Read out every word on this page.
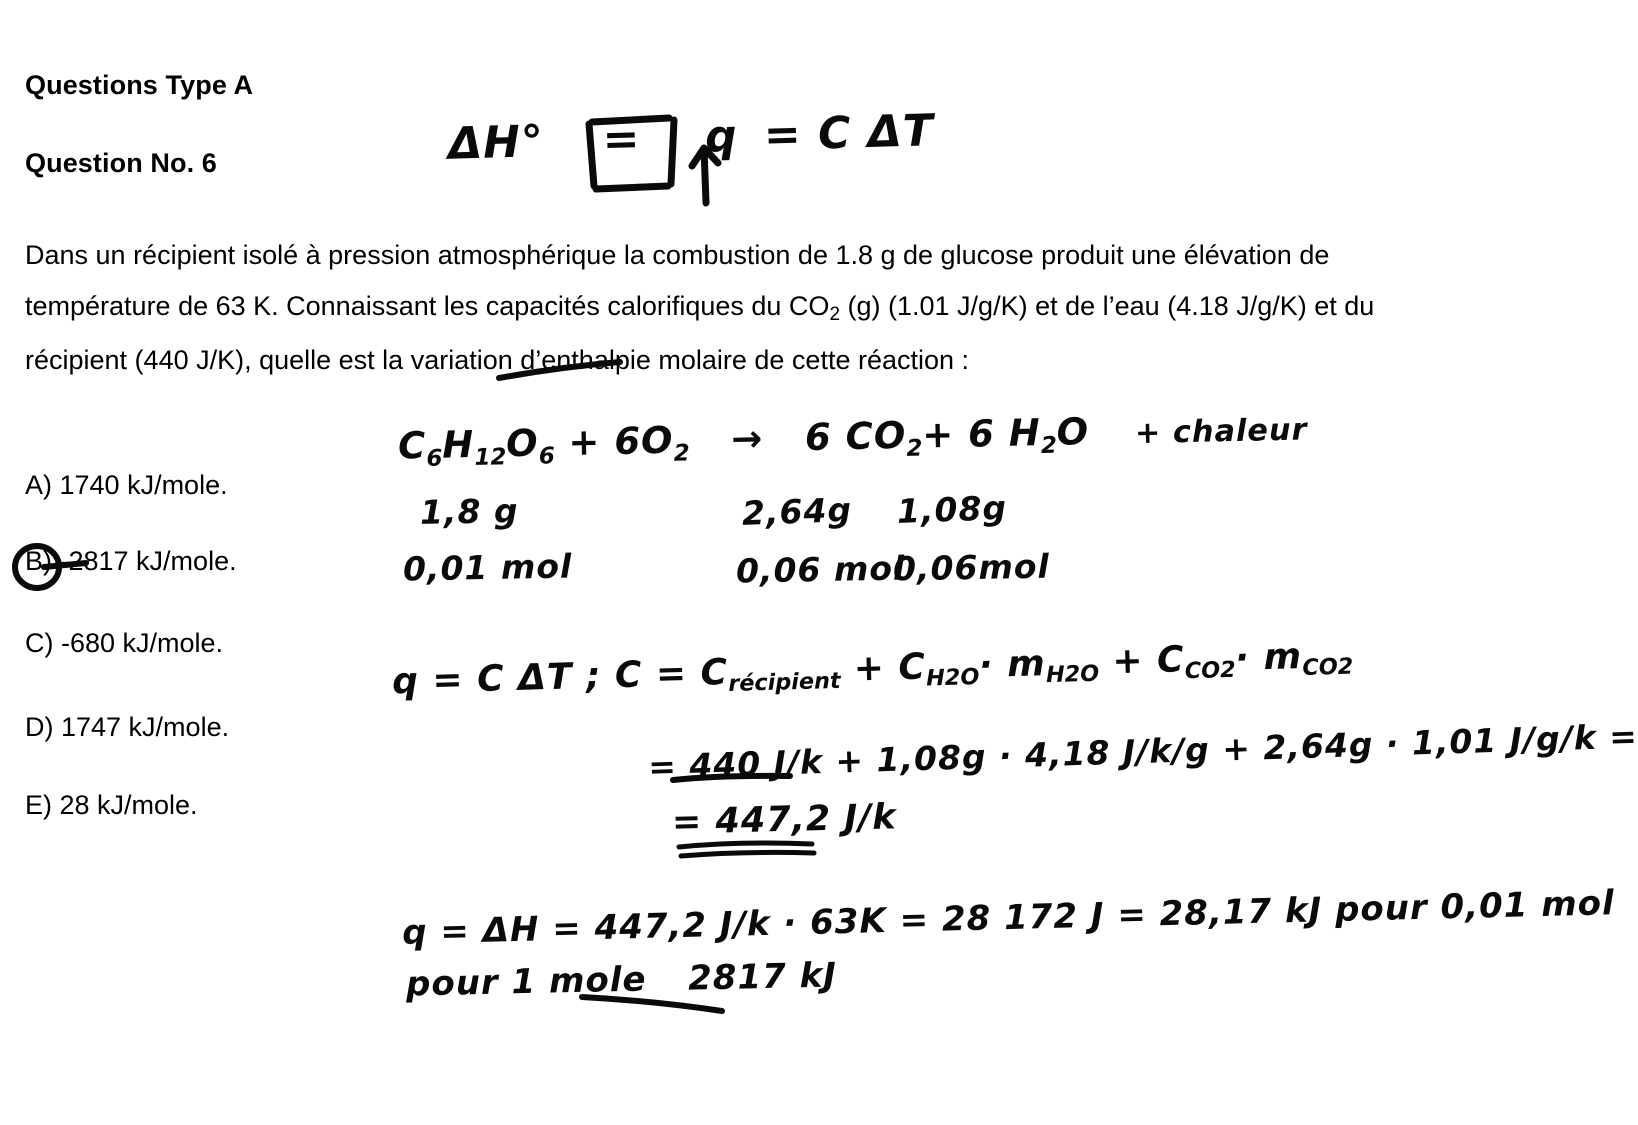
Questions Type A
Question No. 6
Dans un récipient isolé à pression atmosphérique la combustion de 1.8 g de glucose produit une élévation de température de 63 K. Connaissant les capacités calorifiques du $CO_2$ (g) (1.01 J/g/K) et de l’eau (4.18 J/g/K) et du récipient (440 J/K), quelle est la variation d’enthalpie molaire de cette réaction :
A) 1740 kJ/mole.
B) -2817 kJ/mole.
C) -680 kJ/mole.
D) 1747 kJ/mole.
E) 28 kJ/mole.
ΔH° = q = C ΔT
$C_6H_{12}O_6 + 6O_2 \to 6$ $CO_2+ 6$ $H_2O$ + chaleur
1,8 g
0,01 mol
2,64g
0,06 mol
1,08g
0,06mol
q = C ΔT ; $C = C_{récipient} + C_{H2O}\cdot m_{H2O} + C_{CO2}\cdot m_{CO2}$
= 440 J/k + 1,08g · 4,18 J/k/g + 2,64g · 1,01 J/g/k =
= 447,2 J/k
q = ΔH = 447,2 J/k · 63K = 28 172 J = 28,17 kJ pour 0,01 mol
pour 1 mole 2817 kJ
